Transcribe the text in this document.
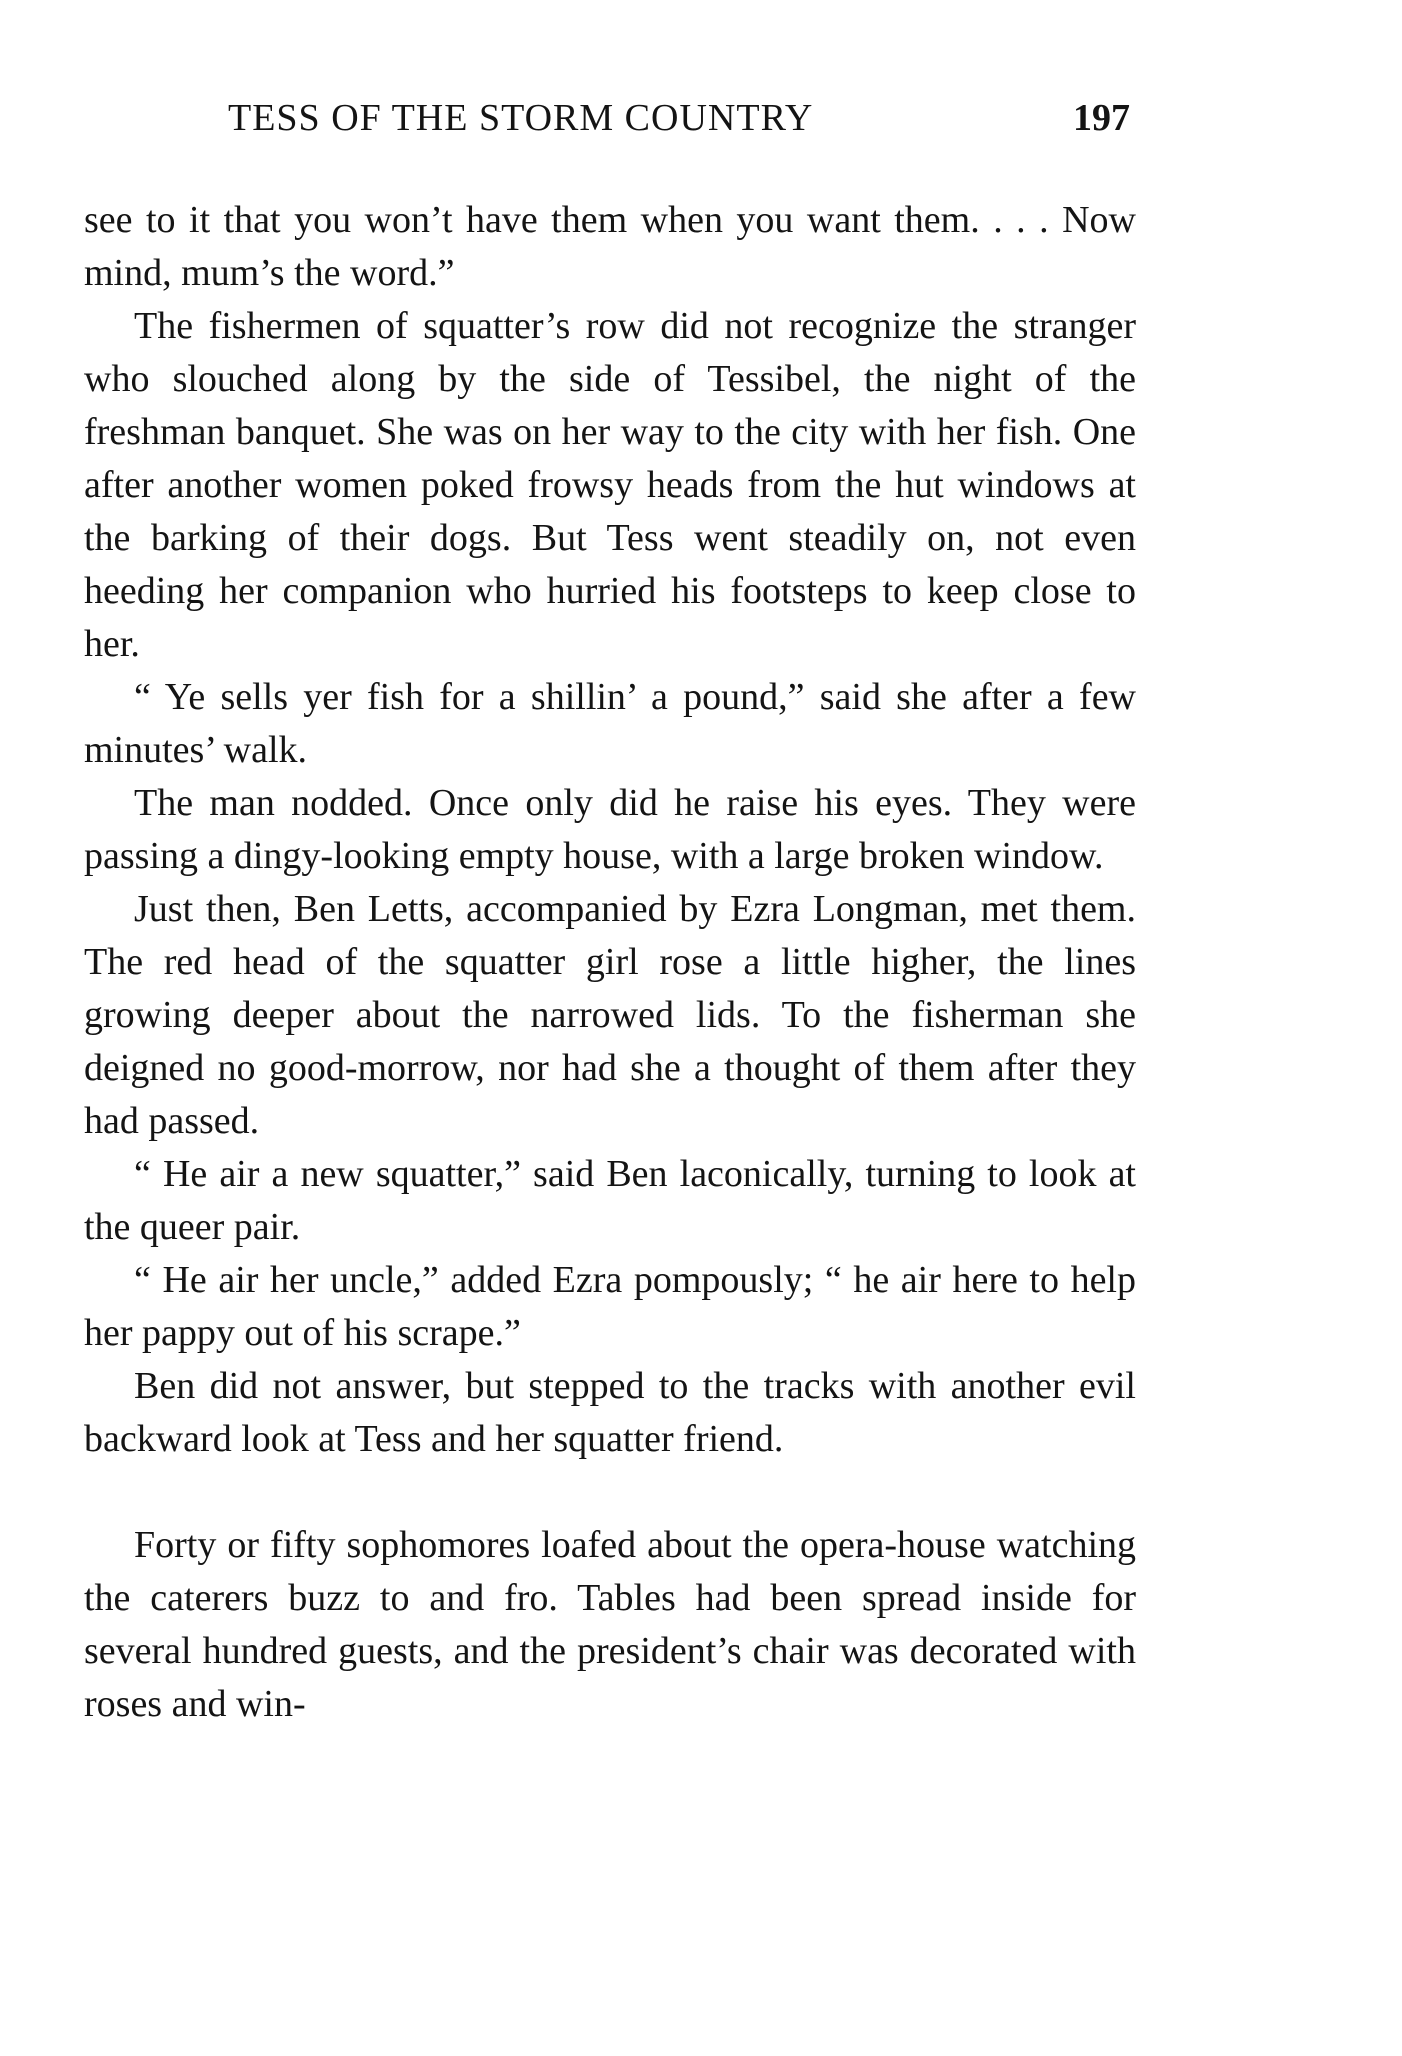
TESS OF THE STORM COUNTRY	197

see to it that you won’t have them when you want them. . . . Now mind, mum’s the word.”

The fishermen of squatter’s row did not recognize the stranger who slouched along by the side of Tessibel, the night of the freshman banquet. She was on her way to the city with her fish. One after another women poked frowsy heads from the hut windows at the barking of their dogs. But Tess went steadily on, not even heeding her companion who hurried his footsteps to keep close to her.

“ Ye sells yer fish for a shillin’ a pound,” said she after a few minutes’ walk.

The man nodded. Once only did he raise his eyes. They were passing a dingy-looking empty house, with a large broken window.

Just then, Ben Letts, accompanied by Ezra Longman, met them. The red head of the squatter girl rose a little higher, the lines growing deeper about the narrowed lids. To the fisherman she deigned no good-morrow, nor had she a thought of them after they had passed.

“ He air a new squatter,” said Ben laconically, turning to look at the queer pair.

“ He air her uncle,” added Ezra pompously; “ he air here to help her pappy out of his scrape.”

Ben did not answer, but stepped to the tracks with another evil backward look at Tess and her squatter friend.

Forty or fifty sophomores loafed about the opera-house watching the caterers buzz to and fro. Tables had been spread inside for several hundred guests, and the president’s chair was decorated with roses and win-
